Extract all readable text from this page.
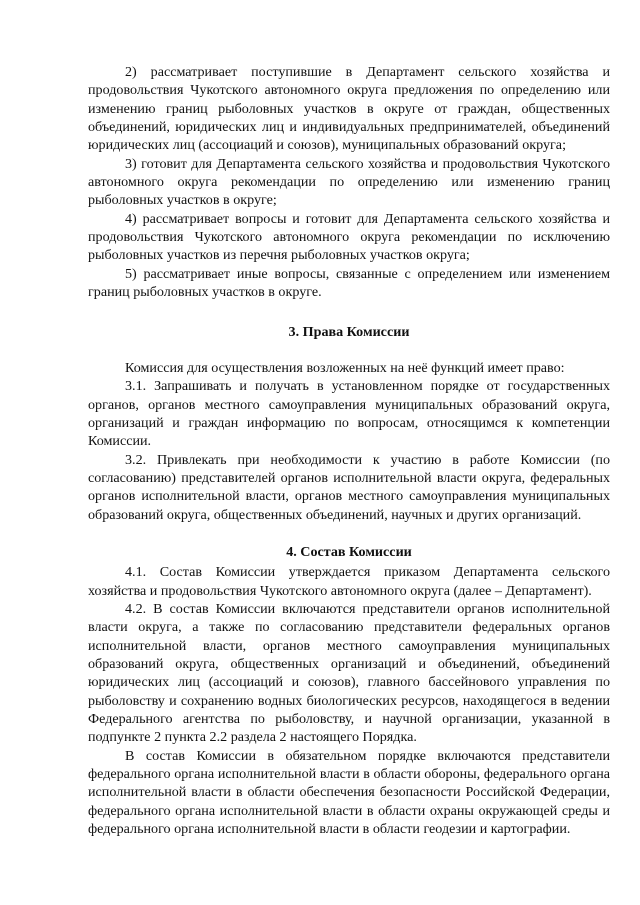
2) рассматривает поступившие в Департамент сельского хозяйства и продовольствия Чукотского автономного округа предложения по определению или изменению границ рыболовных участков в округе от граждан, общественных объединений, юридических лиц и индивидуальных предпринимателей, объединений юридических лиц (ассоциаций и союзов), муниципальных образований округа;

3) готовит для Департамента сельского хозяйства и продовольствия Чукотского автономного округа рекомендации по определению или изменению границ рыболовных участков в округе;

4) рассматривает вопросы и готовит для Департамента сельского хозяйства и продовольствия Чукотского автономного округа рекомендации по исключению рыболовных участков из перечня рыболовных участков округа;

5) рассматривает иные вопросы, связанные с определением или изменением границ рыболовных участков в округе.

3. Права Комиссии

Комиссия для осуществления возложенных на неё функций имеет право:

3.1. Запрашивать и получать в установленном порядке от государственных органов, органов местного самоуправления муниципальных образований округа, организаций и граждан информацию по вопросам, относящимся к компетенции Комиссии.

3.2. Привлекать при необходимости к участию в работе Комиссии (по согласованию) представителей органов исполнительной власти округа, федеральных органов исполнительной власти, органов местного самоуправления муниципальных образований округа, общественных объединений, научных и других организаций.

4. Состав Комиссии

4.1. Состав Комиссии утверждается приказом Департамента сельского хозяйства и продовольствия Чукотского автономного округа (далее – Департамент).

4.2. В состав Комиссии включаются представители органов исполнительной власти округа, а также по согласованию представители федеральных органов исполнительной власти, органов местного самоуправления муниципальных образований округа, общественных организаций и объединений, объединений юридических лиц (ассоциаций и союзов), главного бассейнового управления по рыболовству и сохранению водных биологических ресурсов, находящегося в ведении Федерального агентства по рыболовству, и научной организации, указанной в подпункте 2 пункта 2.2 раздела 2 настоящего Порядка.

В состав Комиссии в обязательном порядке включаются представители федерального органа исполнительной власти в области обороны, федерального органа исполнительной власти в области обеспечения безопасности Российской Федерации, федерального органа исполнительной власти в области охраны окружающей среды и федерального органа исполнительной власти в области геодезии и картографии.
